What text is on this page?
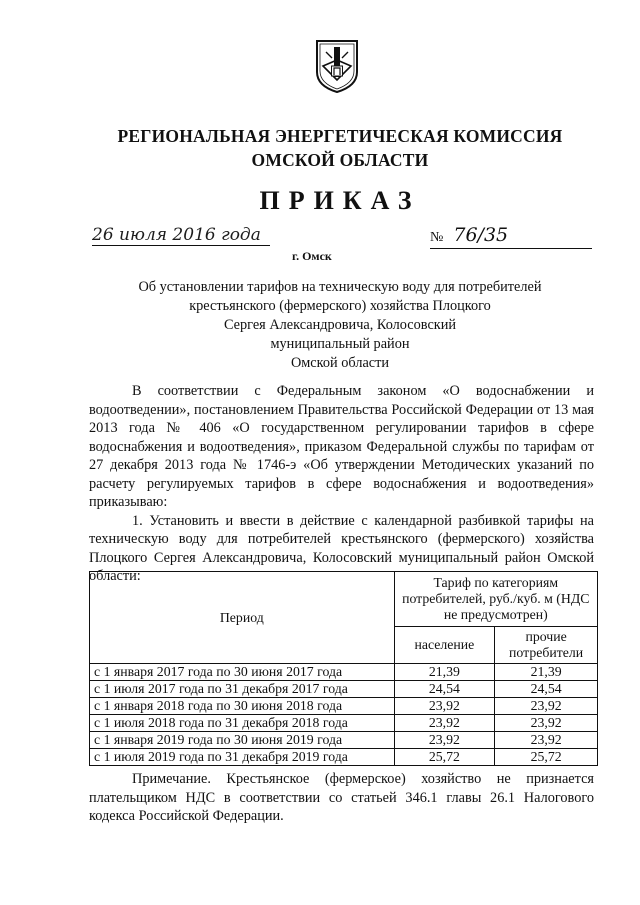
РЕГИОНАЛЬНАЯ ЭНЕРГЕТИЧЕСКАЯ КОМИССИЯ
ОМСКОЙ ОБЛАСТИ
ПРИКАЗ
26 июля 2016 года
г. Омск
№ 76/35
Об установлении тарифов на техническую воду для потребителей
крестьянского (фермерского) хозяйства Плоцкого
Сергея Александровича, Колосовский
муниципальный район
Омской области

В соответствии с Федеральным законом «О водоснабжении и водоотведении», постановлением Правительства Российской Федерации от 13 мая 2013 года № 406 «О государственном регулировании тарифов в сфере водоснабжения и водоотведения», приказом Федеральной службы по тарифам от 27 декабря 2013 года № 1746-э «Об утверждении Методических указаний по расчету регулируемых тарифов в сфере водоснабжения и водоотведения» приказываю:

1. Установить и ввести в действие с календарной разбивкой тарифы на техническую воду для потребителей крестьянского (фермерского) хозяйства Плоцкого Сергея Александровича, Колосовский муниципальный район Омской области:

Период	Тариф по категориям потребителей, руб./куб. м (НДС не предусмотрен)	
	население	прочие потребители
с 1 января 2017 года по 30 июня 2017 года	21,39	21,39
с 1 июля 2017 года по 31 декабря 2017 года	24,54	24,54
с 1 января 2018 года по 30 июня 2018 года	23,92	23,92
с 1 июля 2018 года по 31 декабря 2018 года	23,92	23,92
с 1 января 2019 года по 30 июня 2019 года	23,92	23,92
с 1 июля 2019 года по 31 декабря 2019 года	25,72	25,72

Примечание. Крестьянское (фермерское) хозяйство не признается плательщиком НДС в соответствии со статьей 346.1 главы 26.1 Налогового кодекса Российской Федерации.
